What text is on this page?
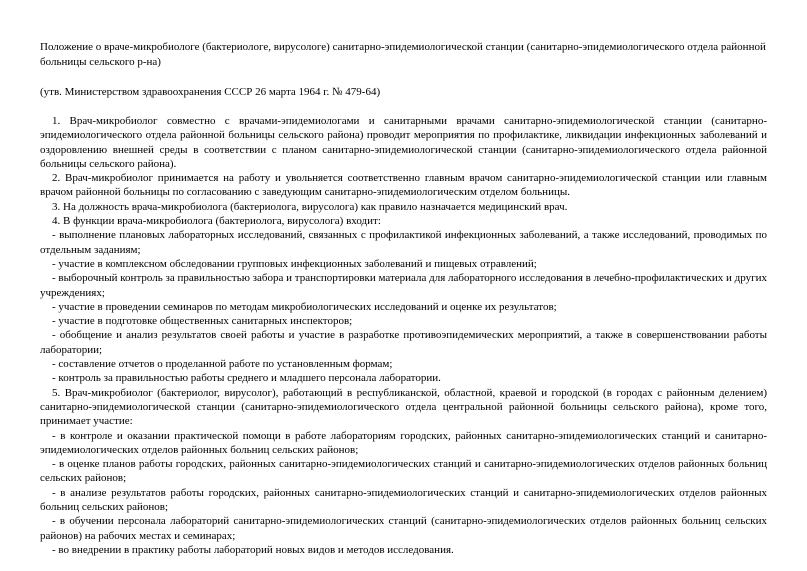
Положение о враче-микробиологе (бактериологе, вирусологе) санитарно-эпидемиологической станции (санитарно-эпидемиологического отдела районной больницы сельского р-на)
(утв. Министерством здравоохранения СССР 26 марта 1964 г. № 479-64)

1. Врач-микробиолог совместно с врачами-эпидемиологами и санитарными врачами санитарно-эпидемиологической станции (санитарно-эпидемиологического отдела районной больницы сельского района) проводит мероприятия по профилактике, ликвидации инфекционных заболеваний и оздоровлению внешней среды в соответствии с планом санитарно-эпидемиологической станции (санитарно-эпидемиологического отдела районной больницы сельского района).

2. Врач-микробиолог принимается на работу и увольняется соответственно главным врачом санитарно-эпидемиологической станции или главным врачом районной больницы по согласованию с заведующим санитарно-эпидемиологическим отделом больницы.

3. На должность врача-микробиолога (бактериолога, вирусолога) как правило назначается медицинский врач.

4. В функции врача-микробиолога (бактериолога, вирусолога) входит:

- выполнение плановых лабораторных исследований, связанных с профилактикой инфекционных заболеваний, а также исследований, проводимых по отдельным заданиям;

- участие в комплексном обследовании групповых инфекционных заболеваний и пищевых отравлений;

- выборочный контроль за правильностью забора и транспортировки материала для лабораторного исследования в лечебно-профилактических и других учреждениях;

- участие в проведении семинаров по методам микробиологических исследований и оценке их результатов;

- участие в подготовке общественных санитарных инспекторов;

- обобщение и анализ результатов своей работы и участие в разработке противоэпидемических мероприятий, а также в совершенствовании работы лаборатории;

- составление отчетов о проделанной работе по установленным формам;

- контроль за правильностью работы среднего и младшего персонала лаборатории.

5. Врач-микробиолог (бактериолог, вирусолог), работающий в республиканской, областной, краевой и городской (в городах с районным делением) санитарно-эпидемиологической станции (санитарно-эпидемиологического отдела центральной районной больницы сельского района), кроме того, принимает участие:

- в контроле и оказании практической помощи в работе лабораториям городских, районных санитарно-эпидемиологических станций и санитарно-эпидемиологических отделов районных больниц сельских районов;

- в оценке планов работы городских, районных санитарно-эпидемиологических станций и санитарно-эпидемиологических отделов районных больниц сельских районов;

- в анализе результатов работы городских, районных санитарно-эпидемиологических станций и санитарно-эпидемиологических отделов районных больниц сельских районов;

- в обучении персонала лабораторий санитарно-эпидемиологических станций (санитарно-эпидемиологических отделов районных больниц сельских районов) на рабочих местах и семинарах;

- во внедрении в практику работы лабораторий новых видов и методов исследования.
